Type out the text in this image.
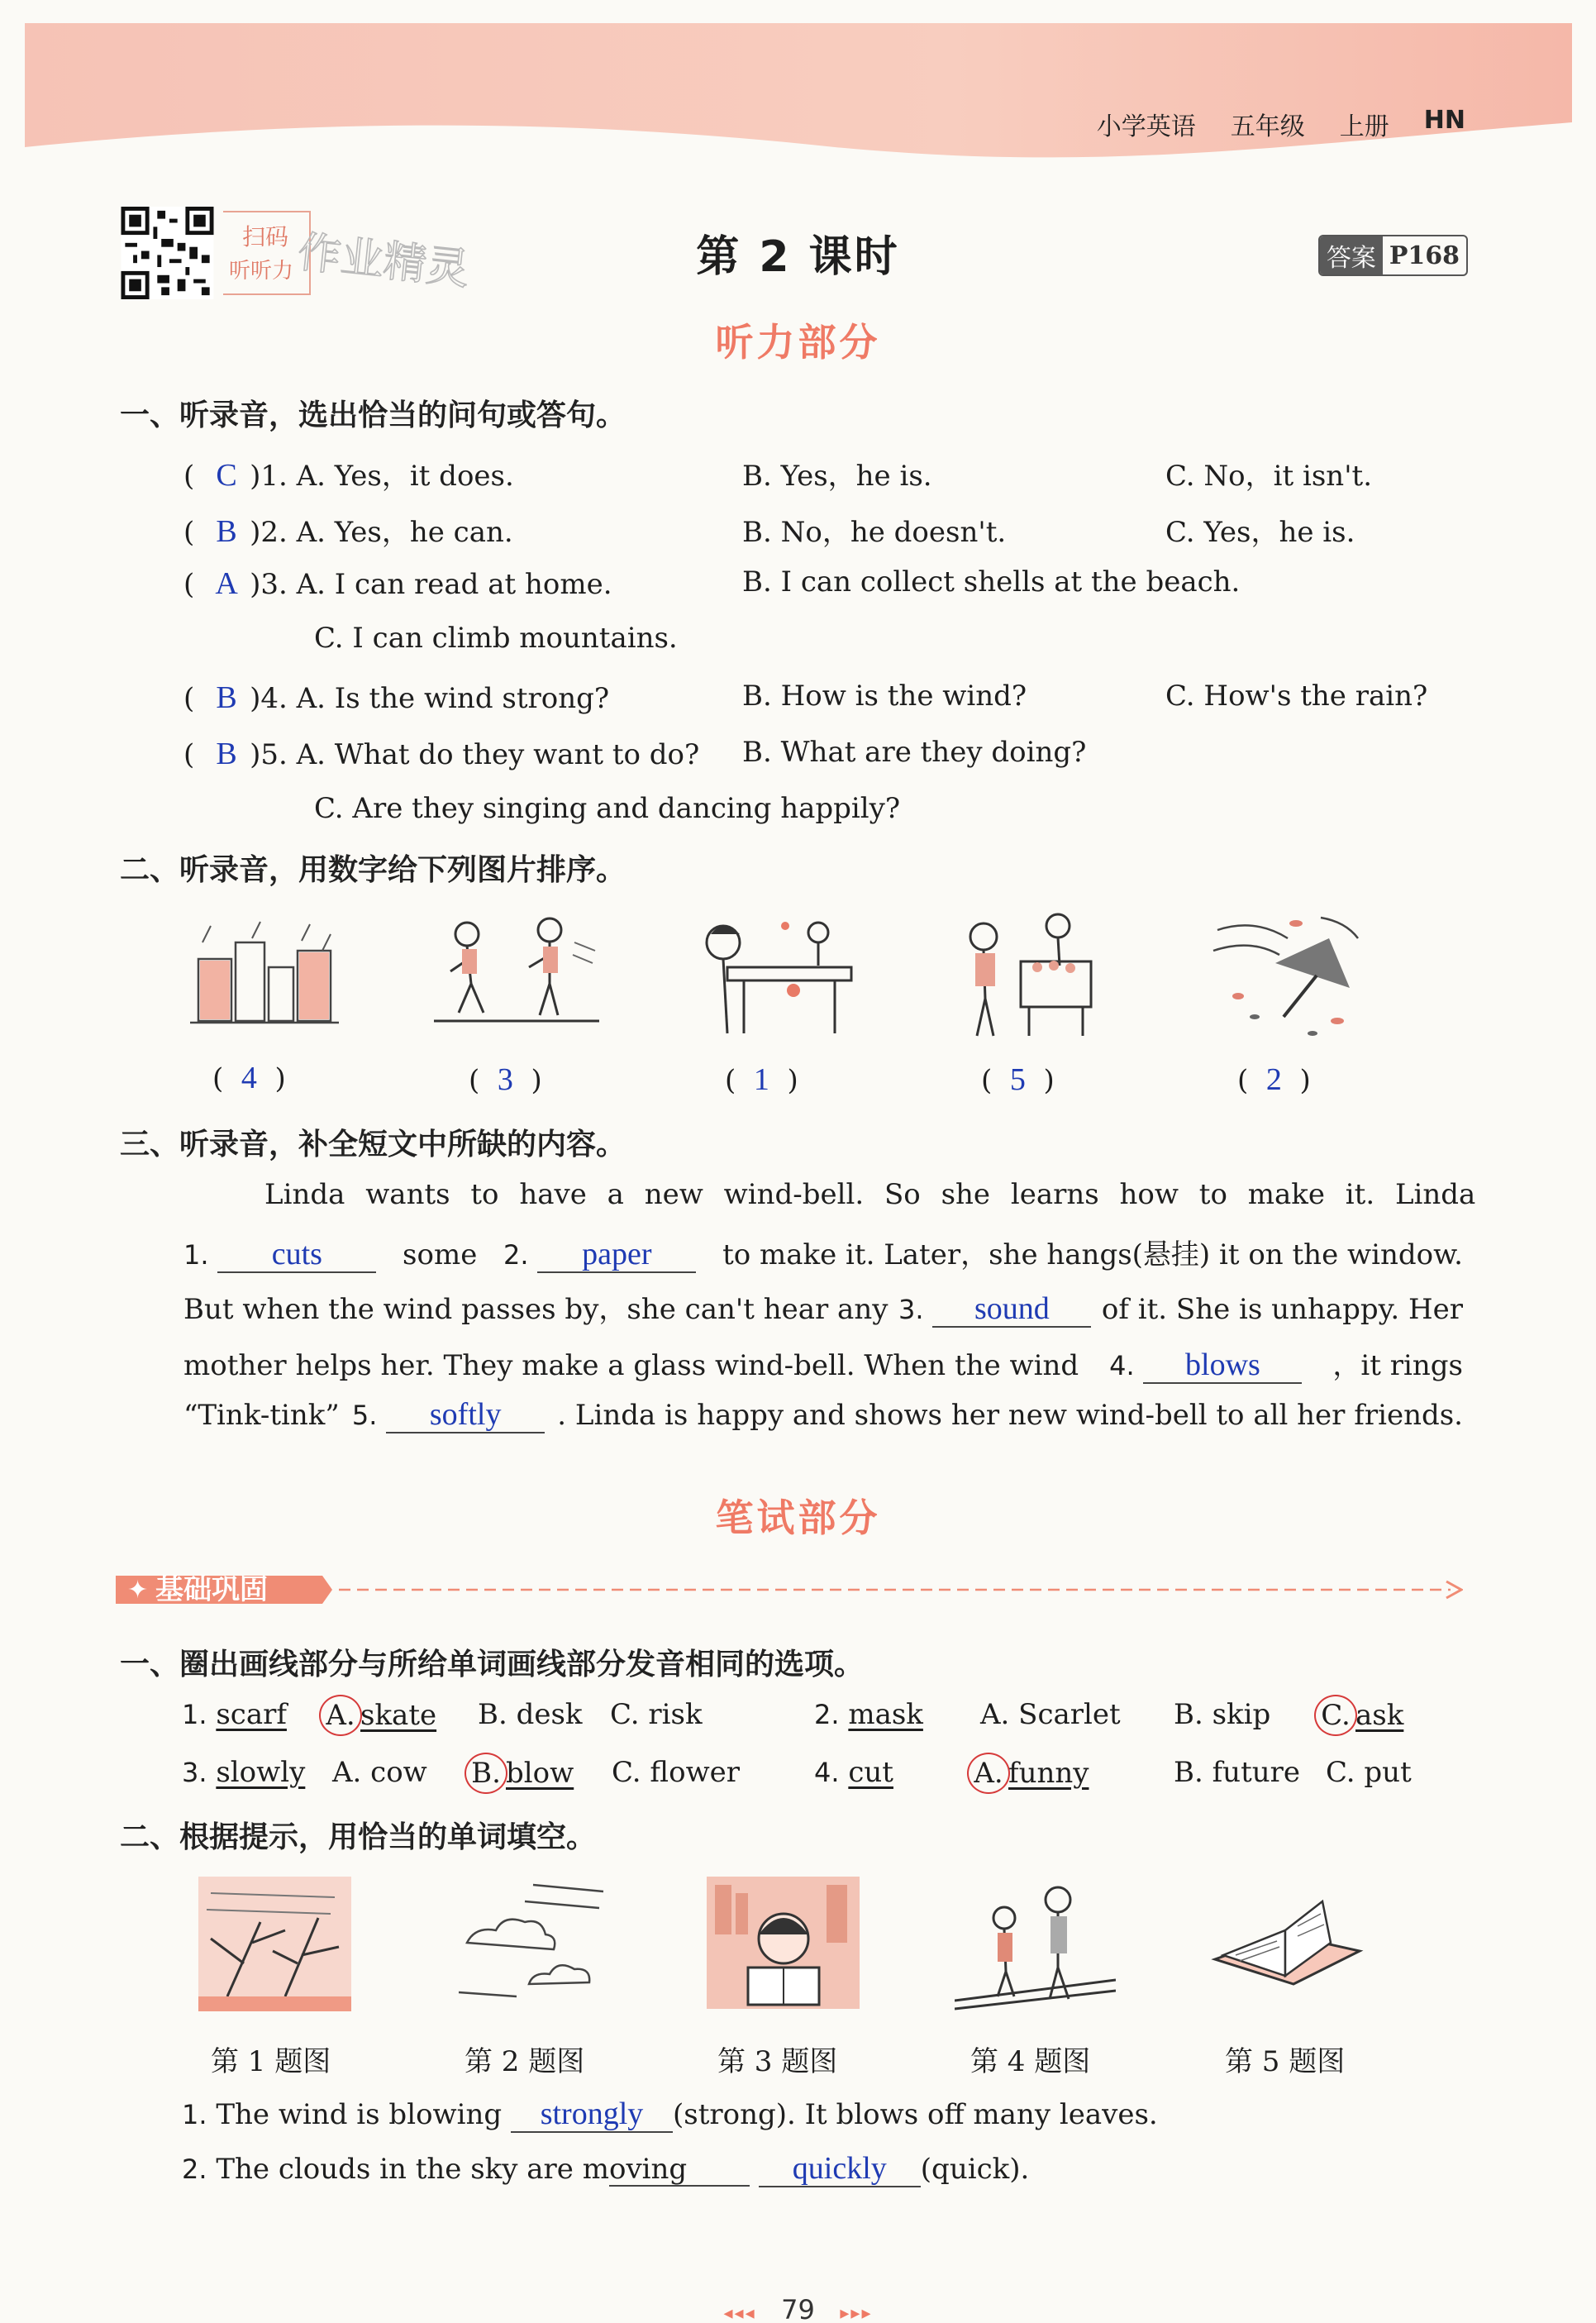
小学英语 五年级 上册 HN
扫码
听听力 作业精灵	第 2 课时	答案 P168
听力部分
一、听录音，选出恰当的问句或答句。
( C )1. A. Yes，it does.	B. Yes，he is.	C. No，it isn't.
( B )2. A. Yes，he can.	B. No，he doesn't.	C. Yes，he is.
( A )3. A. I can read at home.	B. I can collect shells at the beach.
C. I can climb mountains.
( B )4. A. Is the wind strong?	B. How is the wind?	C. How's the rain?
( B )5. A. What do they want to do? B. What are they doing?
C. Are they singing and dancing happily?
二、听录音，用数字给下列图片排序。
(  4  )	(  3  )	(  1  )	(  5  )	(  2  )
三、听录音，补全短文中所缺的内容。
Linda wants to have a new wind-bell. So she learns how to make it. Linda
1. cuts	some 2. paper	to make it. Later，she hangs(悬挂) it on the window.
But when the wind passes by，she can't hear any 3. sound	of it. She is unhappy. Her
mother helps her. They make a glass wind-bell. When the wind 4. blows	，it rings
“Tink-tink” 5. softly	. Linda is happy and shows her new wind-bell to all her friends.
笔试部分
✦ 基础巩固
一、圈出画线部分与所给单词画线部分发音相同的选项。
1. scarf A. skate B. desk C. risk	2. mask A. Scarlet B. skip C. ask
3. slowly A. cow B. blow C. flower	4. cut	A. funny	B. future C. put
二、根据提示，用恰当的单词填空。
第 1 题图	第 2 题图	第 3 题图	第 4 题图	第 5 题图
1. The wind is blowing strongly (strong). It blows off many leaves.
2. The clouds in the sky are moving	quickly (quick).
◂◂◂ 79 ▸▸▸
